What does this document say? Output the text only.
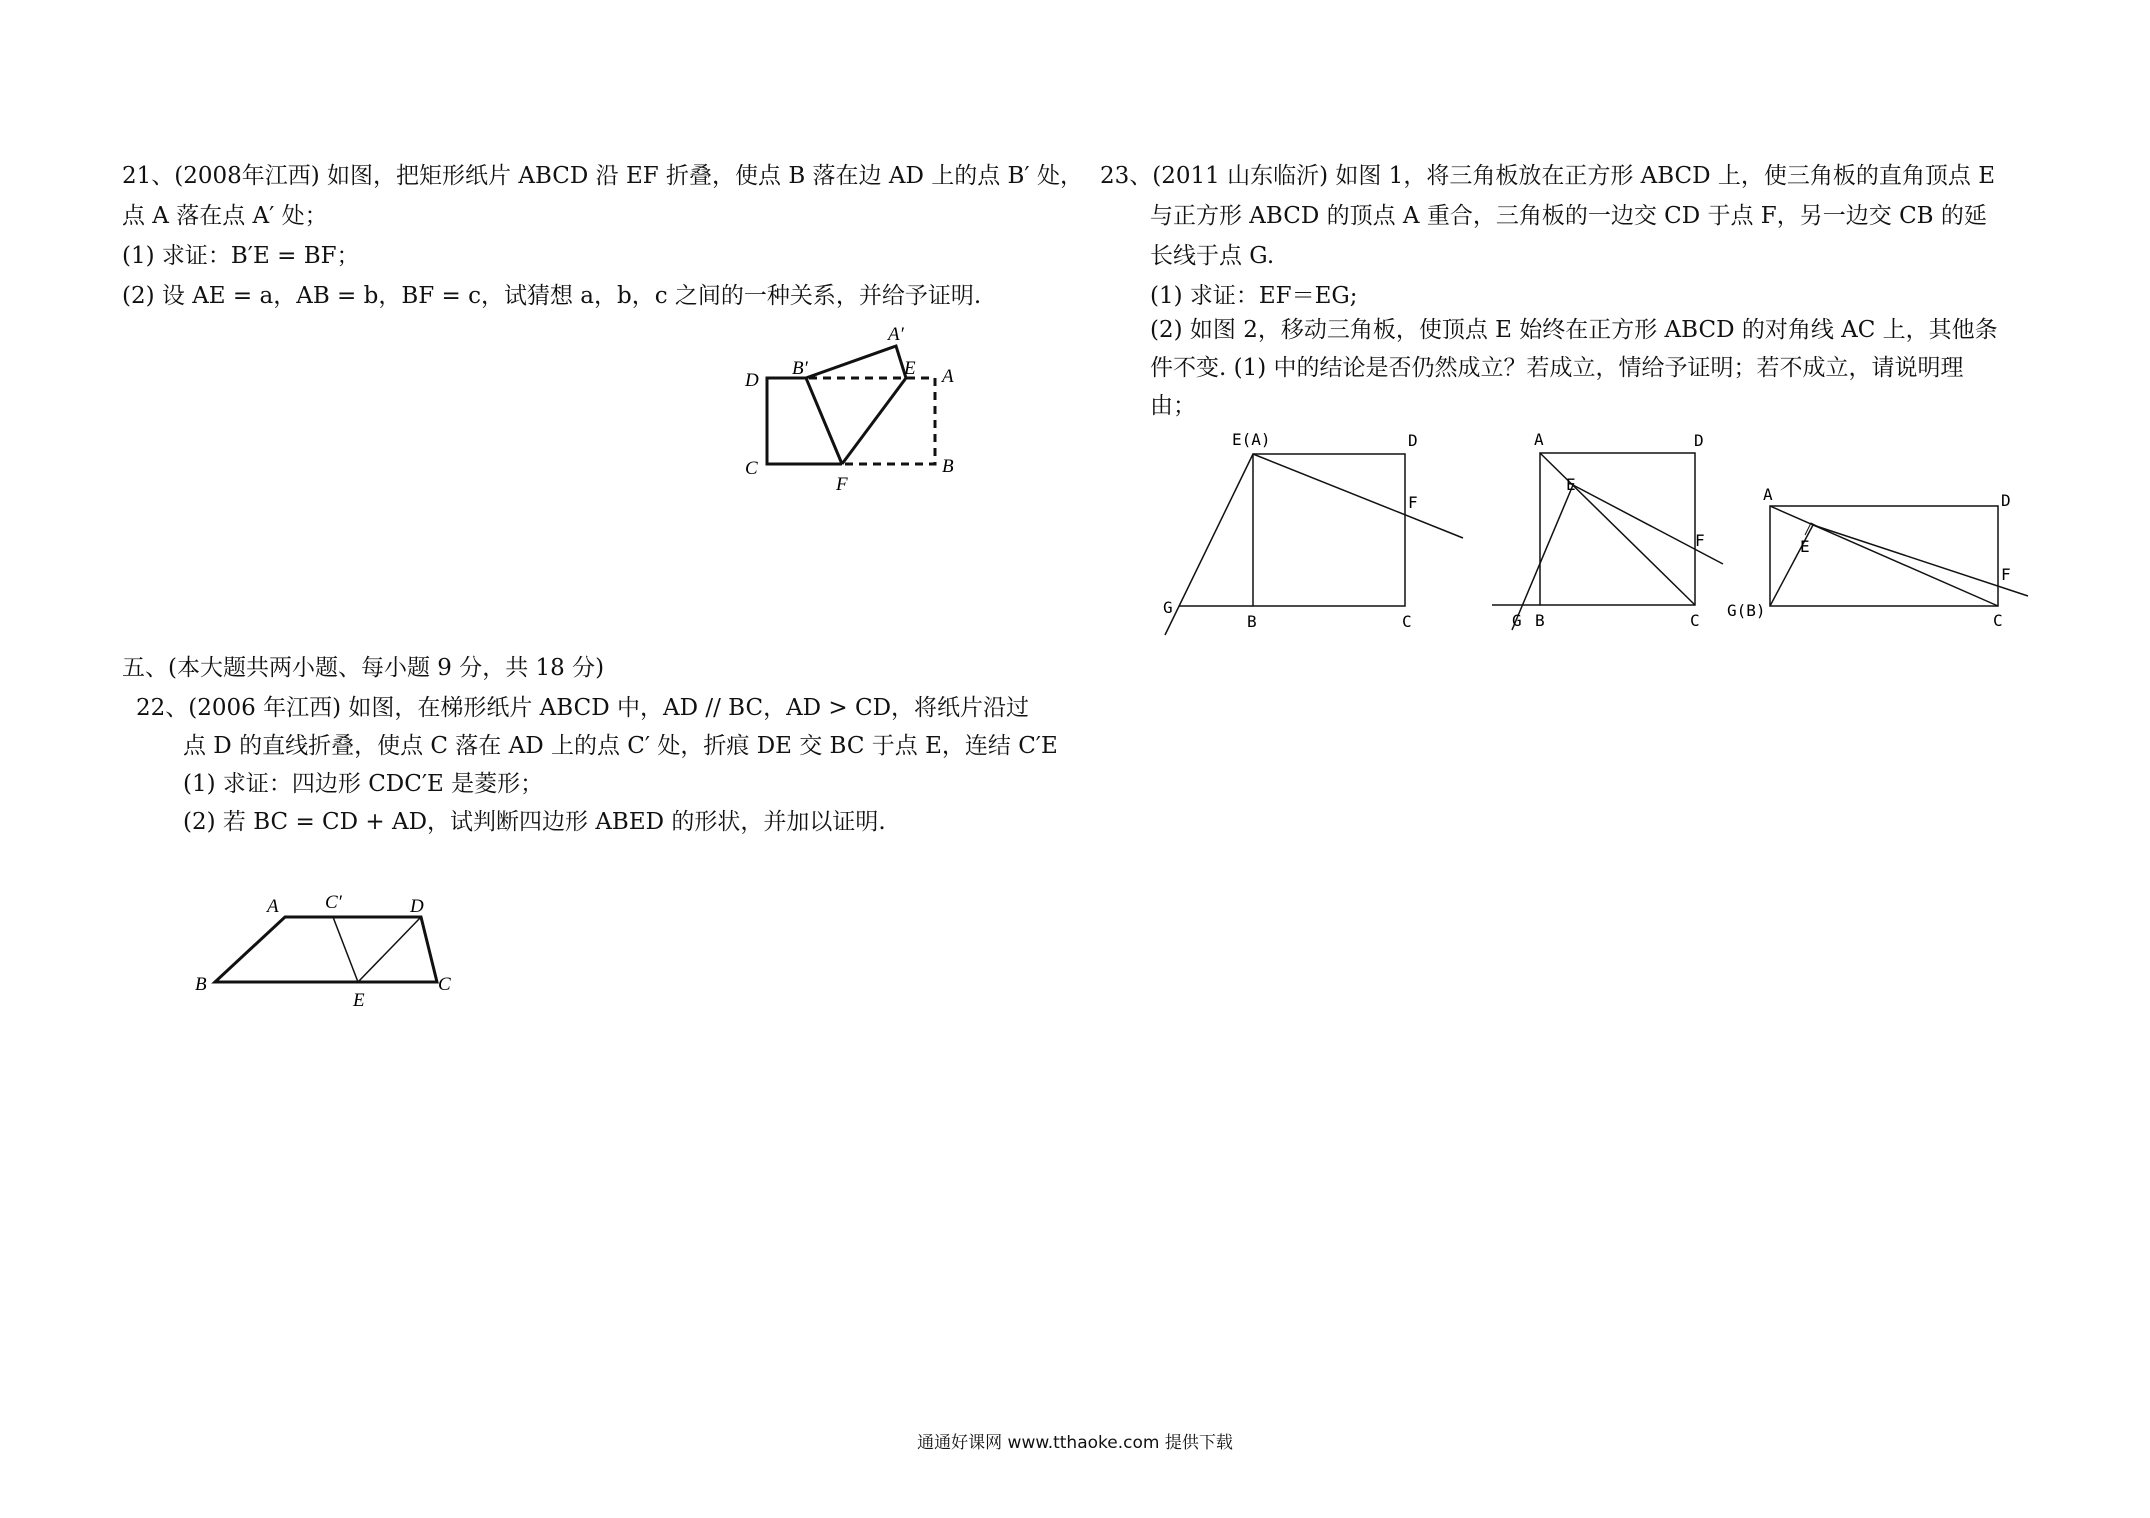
21、(2008年江西) 如图，把矩形纸片 ABCD 沿 EF 折叠，使点 B 落在边 AD 上的点 B′ 处，
点 A 落在点 A′ 处；
(1) 求证：B′E = BF；
(2) 设 AE = a，AB = b，BF = c，试猜想 a，b，c 之间的一种关系，并给予证明.
A′
B′	E A
D
C
F
B
五、(本大题共两小题、每小题 9 分，共 18 分)
22、(2006 年江西) 如图，在梯形纸片 ABCD 中，AD // BC，AD > CD，将纸片沿过
点 D 的直线折叠，使点 C 落在 AD 上的点 C′ 处，折痕 DE 交 BC 于点 E，连结 C′E
(1) 求证：四边形 CDC′E 是菱形；
(2) 若 BC = CD + AD，试判断四边形 ABED 的形状，并加以证明.
A C′	D
B
E
C
23、(2011 山东临沂) 如图 1，将三角板放在正方形 ABCD 上，使三角板的直角顶点 E
与正方形 ABCD 的顶点 A 重合，三角板的一边交 CD 于点 F，另一边交 CB 的延
长线于点 G.
(1) 求证：EF＝EG;
(2) 如图 2，移动三角板，使顶点 E 始终在正方形 ABCD 的对角线 AC 上，其他条
件不变. (1) 中的结论是否仍然成立？若成立，情给予证明；若不成立，请说明理
由；
E(A)	D
F
G
B	C
A	D
E
F
G B	C
A	D
E
F
G(B)
C
通通好课网 www.tthaoke.com 提供下载
